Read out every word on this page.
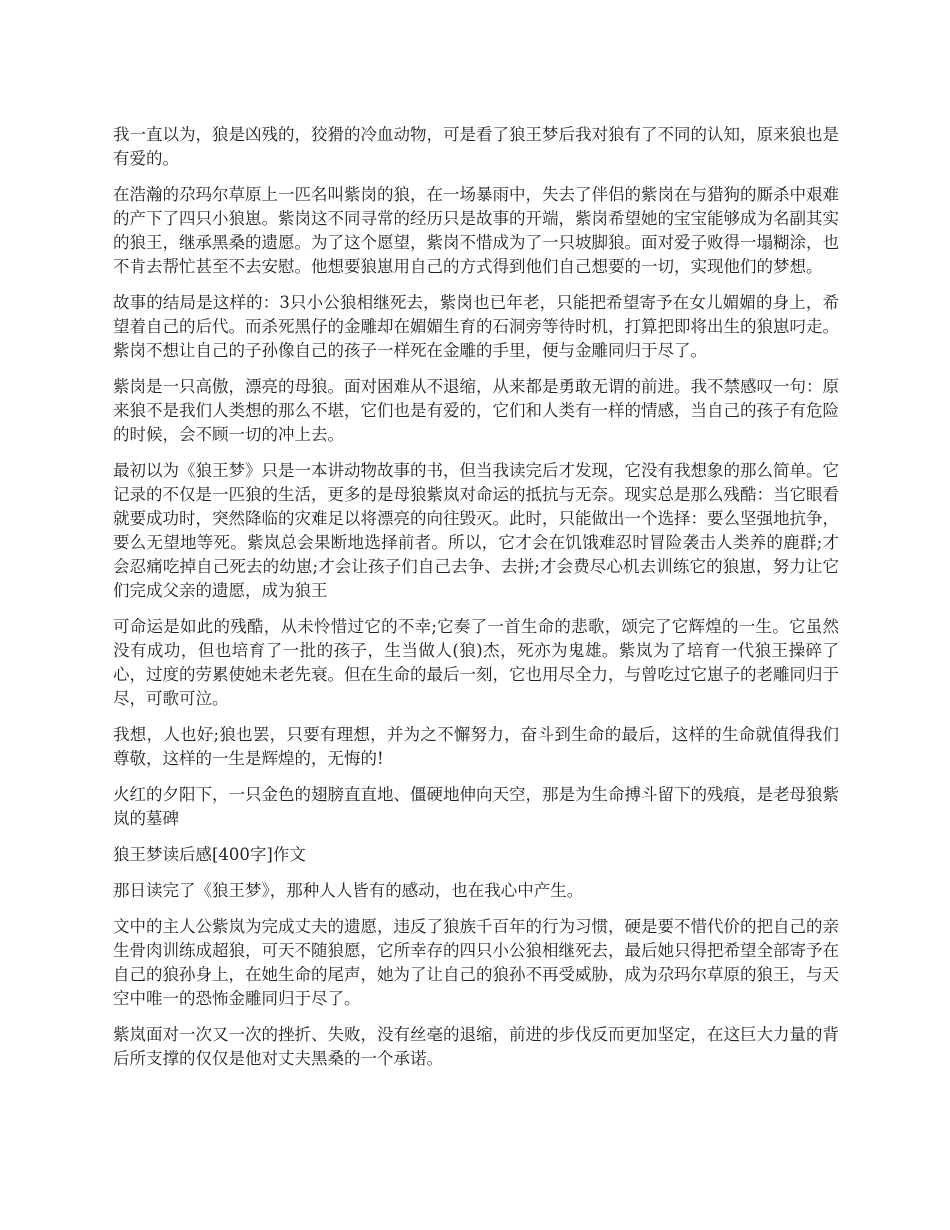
我一直以为，狼是凶残的，狡猾的冷血动物，可是看了狼王梦后我对狼有了不同的认知，原来狼也是有爱的。

在浩瀚的尕玛尔草原上一匹名叫紫岗的狼，在一场暴雨中，失去了伴侣的紫岗在与猎狗的厮杀中艰难的产下了四只小狼崽。紫岗这不同寻常的经历只是故事的开端，紫岗希望她的宝宝能够成为名副其实的狼王，继承黑桑的遗愿。为了这个愿望，紫岗不惜成为了一只坡脚狼。面对爱子败得一塌糊涂，也不肯去帮忙甚至不去安慰。他想要狼崽用自己的方式得到他们自己想要的一切，实现他们的梦想。

故事的结局是这样的：3只小公狼相继死去，紫岗也已年老，只能把希望寄予在女儿媚媚的身上，希望着自己的后代。而杀死黑仔的金雕却在媚媚生育的石洞旁等待时机，打算把即将出生的狼崽叼走。紫岗不想让自己的子孙像自己的孩子一样死在金雕的手里，便与金雕同归于尽了。

紫岗是一只高傲，漂亮的母狼。面对困难从不退缩，从来都是勇敢无谓的前进。我不禁感叹一句：原来狼不是我们人类想的那么不堪，它们也是有爱的，它们和人类有一样的情感，当自己的孩子有危险的时候，会不顾一切的冲上去。

最初以为《狼王梦》只是一本讲动物故事的书，但当我读完后才发现，它没有我想象的那么简单。它记录的不仅是一匹狼的生活，更多的是母狼紫岚对命运的抵抗与无奈。现实总是那么残酷：当它眼看就要成功时，突然降临的灾难足以将漂亮的向往毁灭。此时，只能做出一个选择：要么坚强地抗争，要么无望地等死。紫岚总会果断地选择前者。所以，它才会在饥饿难忍时冒险袭击人类养的鹿群;才会忍痛吃掉自己死去的幼崽;才会让孩子们自己去争、去拼;才会费尽心机去训练它的狼崽，努力让它们完成父亲的遗愿，成为狼王

可命运是如此的残酷，从未怜惜过它的不幸;它奏了一首生命的悲歌，颂完了它辉煌的一生。它虽然没有成功，但也培育了一批的孩子，生当做人(狼)杰，死亦为鬼雄。紫岚为了培育一代狼王操碎了心，过度的劳累使她未老先衰。但在生命的最后一刻，它也用尽全力，与曾吃过它崽子的老雕同归于尽，可歌可泣。

我想，人也好;狼也罢，只要有理想，并为之不懈努力，奋斗到生命的最后，这样的生命就值得我们尊敬，这样的一生是辉煌的，无悔的!

火红的夕阳下，一只金色的翅膀直直地、僵硬地伸向天空，那是为生命搏斗留下的残痕，是老母狼紫岚的墓碑

狼王梦读后感[400字]作文

那日读完了《狼王梦》，那种人人皆有的感动，也在我心中产生。

文中的主人公紫岚为完成丈夫的遗愿，违反了狼族千百年的行为习惯，硬是要不惜代价的把自己的亲生骨肉训练成超狼，可天不随狼愿，它所幸存的四只小公狼相继死去，最后她只得把希望全部寄予在自己的狼孙身上，在她生命的尾声，她为了让自己的狼孙不再受威胁，成为尕玛尔草原的狼王，与天空中唯一的恐怖金雕同归于尽了。

紫岚面对一次又一次的挫折、失败，没有丝毫的退缩，前进的步伐反而更加坚定，在这巨大力量的背后所支撑的仅仅是他对丈夫黑桑的一个承诺。
